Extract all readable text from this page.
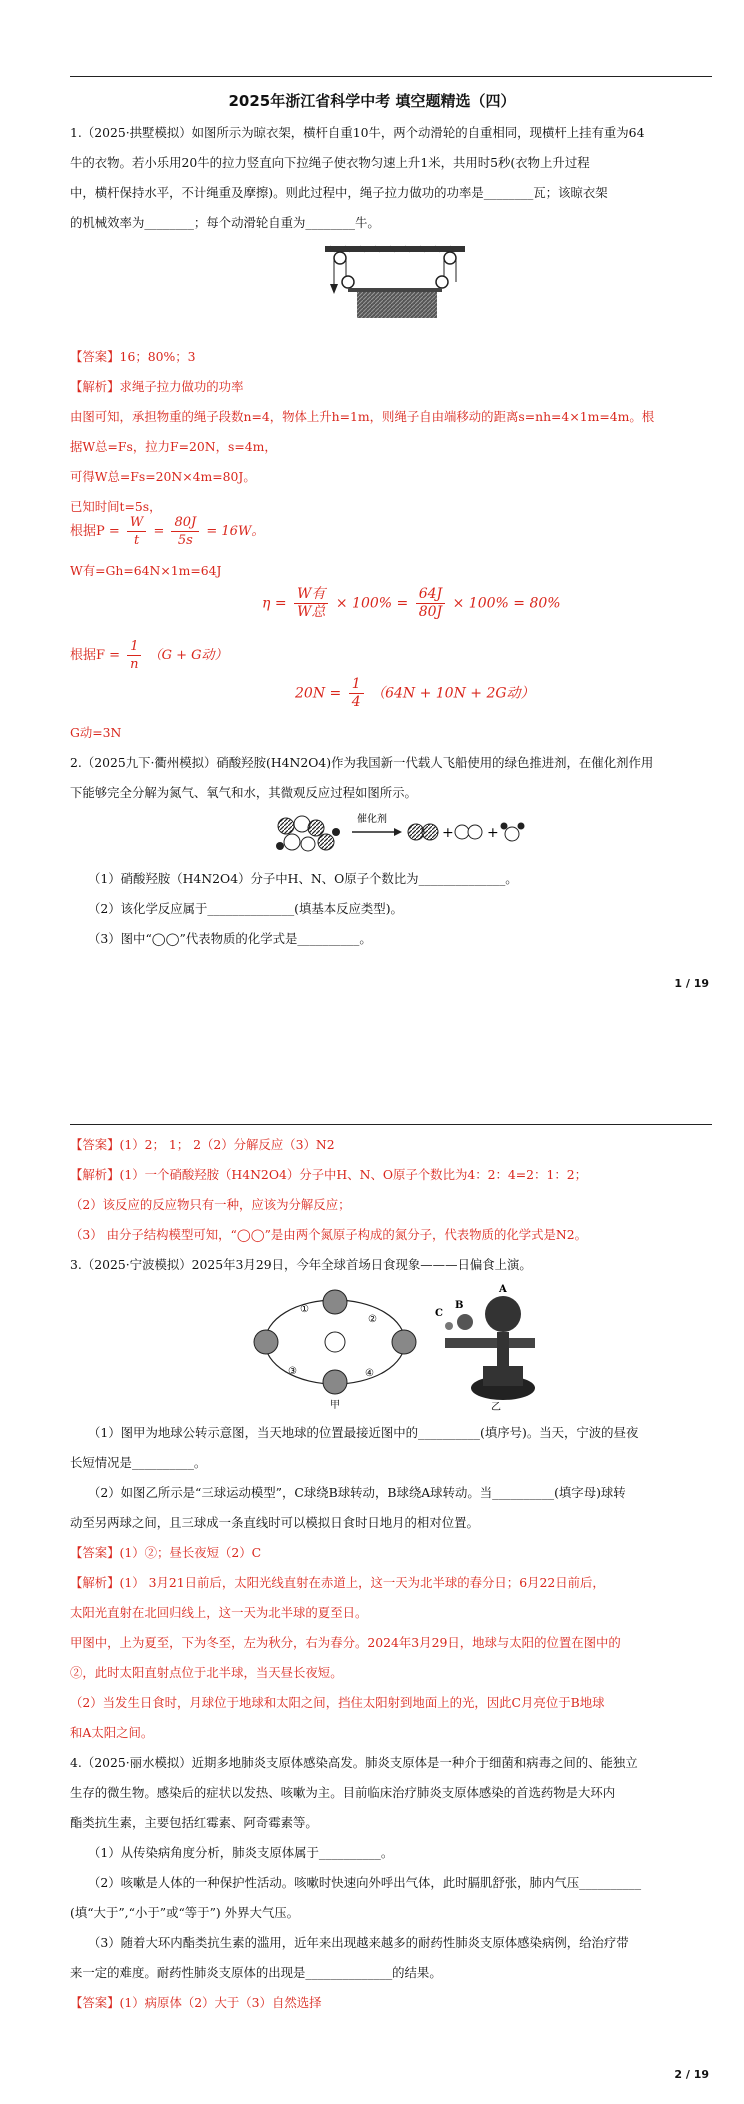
2025年浙江省科学中考 填空题精选（四）
1.（2025·拱墅模拟）如图所示为晾衣架，横杆自重10牛，两个动滑轮的自重相同，现横杆上挂有重为64
牛的衣物。若小乐用20牛的拉力竖直向下拉绳子使衣物匀速上升1米，共用时5秒(衣物上升过程
中，横杆保持水平，不计绳重及摩擦)。则此过程中，绳子拉力做功的功率是________瓦；该晾衣架
的机械效率为________；每个动滑轮自重为________牛。
【答案】16；80%；3
【解析】求绳子拉力做功的功率
由图可知，承担物重的绳子段数n=4，物体上升h=1m，则绳子自由端移动的距离s=nh=4×1m=4m。根
据W总=Fs，拉力F=20N，s=4m，
可得W总=Fs=20N×4m=80J。
已知时间t=5s，
根据$P = \frac{W}{t} = \frac{80J}{5s} = 16W$。
W有=Gh=64N×1m=64J
$\eta = \frac{\text{W有}}{\text{W总}} \times 100\% = \frac{64J}{80J} \times 100\% = 80\%$
根据$F = \frac{1}{n} (G + G$动）
$20N = \frac{1}{4} (64N + 10N + 2G$动）
G动=3N
2.（2025九下·衢州模拟）硝酸羟胺(H4N2O4)作为我国新一代载人飞船使用的绿色推进剂，在催化剂作用
下能够完全分解为氮气、氧气和水，其微观反应过程如图所示。
催化剂
+ +
（1）硝酸羟胺（H4N2O4）分子中H、N、O原子个数比为______________。
（2）该化学反应属于______________(填基本反应类型)。
（3）图中“◯◯”代表物质的化学式是__________。
1 / 19
【答案】(1）2； 1； 2（2）分解反应（3）N2
【解析】(1）一个硝酸羟胺（H4N2O4）分子中H、N、O原子个数比为4：2：4=2：1：2；
（2）该反应的反应物只有一种，应该为分解反应；
（3） 由分子结构模型可知，“◯◯”是由两个氮原子构成的氮分子，代表物质的化学式是N2。
3.（2025·宁波模拟）2025年3月29日，今年全球首场日食现象———日偏食上演。
①
②
③	④
甲
A
B
C
乙
（1）图甲为地球公转示意图，当天地球的位置最接近图中的__________(填序号)。当天，宁波的昼夜
长短情况是__________。
（2）如图乙所示是“三球运动模型”，C球绕B球转动，B球绕A球转动。当__________(填字母)球转
动至另两球之间，且三球成一条直线时可以模拟日食时日地月的相对位置。
【答案】(1）②；昼长夜短（2）C
【解析】(1） 3月21日前后，太阳光线直射在赤道上，这一天为北半球的春分日；6月22日前后，
太阳光直射在北回归线上，这一天为北半球的夏至日。
甲图中，上为夏至，下为冬至，左为秋分，右为春分。2024年3月29日，地球与太阳的位置在图中的
②，此时太阳直射点位于北半球，当天昼长夜短。
（2）当发生日食时，月球位于地球和太阳之间，挡住太阳射到地面上的光，因此C月亮位于B地球
和A太阳之间。
4.（2025·丽水模拟）近期多地肺炎支原体感染高发。肺炎支原体是一种介于细菌和病毒之间的、能独立
生存的微生物。感染后的症状以发热、咳嗽为主。目前临床治疗肺炎支原体感染的首选药物是大环内
酯类抗生素，主要包括红霉素、阿奇霉素等。
（1）从传染病角度分析，肺炎支原体属于__________。
（2）咳嗽是人体的一种保护性活动。咳嗽时快速向外呼出气体，此时膈肌舒张，肺内气压__________
(填“大于”,“小于”或“等于”) 外界大气压。
（3）随着大环内酯类抗生素的滥用，近年来出现越来越多的耐药性肺炎支原体感染病例，给治疗带
来一定的难度。耐药性肺炎支原体的出现是______________的结果。
【答案】(1）病原体（2）大于（3）自然选择
2 / 19
